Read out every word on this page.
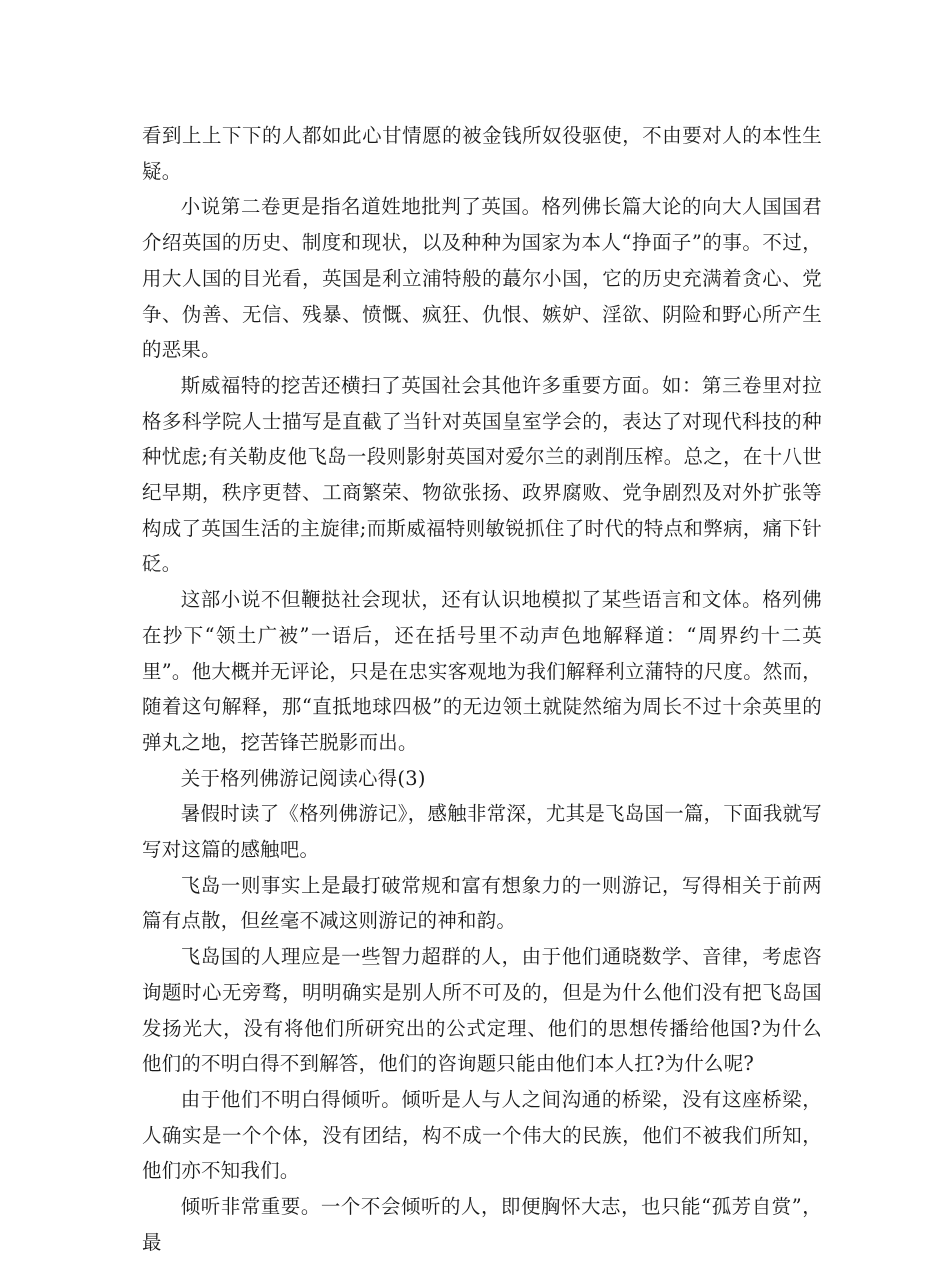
看到上上下下的人都如此心甘情愿的被金钱所奴役驱使，不由要对人的本性生疑。

小说第二卷更是指名道姓地批判了英国。格列佛长篇大论的向大人国国君介绍英国的历史、制度和现状，以及种种为国家为本人“挣面子”的事。不过，用大人国的目光看，英国是利立浦特般的蕞尔小国，它的历史充满着贪心、党争、伪善、无信、残暴、愤慨、疯狂、仇恨、嫉妒、淫欲、阴险和野心所产生的恶果。

斯威福特的挖苦还横扫了英国社会其他许多重要方面。如：第三卷里对拉格多科学院人士描写是直截了当针对英国皇室学会的，表达了对现代科技的种种忧虑;有关勒皮他飞岛一段则影射英国对爱尔兰的剥削压榨。总之，在十八世纪早期，秩序更替、工商繁荣、物欲张扬、政界腐败、党争剧烈及对外扩张等构成了英国生活的主旋律;而斯威福特则敏锐抓住了时代的特点和弊病，痛下针砭。

这部小说不但鞭挞社会现状，还有认识地模拟了某些语言和文体。格列佛在抄下“领土广被”一语后，还在括号里不动声色地解释道：“周界约十二英里”。他大概并无评论，只是在忠实客观地为我们解释利立蒲特的尺度。然而，随着这句解释，那“直抵地球四极”的无边领土就陡然缩为周长不过十余英里的弹丸之地，挖苦锋芒脱影而出。

关于格列佛游记阅读心得(3)

暑假时读了《格列佛游记》，感触非常深，尤其是飞岛国一篇，下面我就写写对这篇的感触吧。

飞岛一则事实上是最打破常规和富有想象力的一则游记，写得相关于前两篇有点散，但丝毫不减这则游记的神和韵。

飞岛国的人理应是一些智力超群的人，由于他们通晓数学、音律，考虑咨询题时心无旁骛，明明确实是别人所不可及的，但是为什么他们没有把飞岛国发扬光大，没有将他们所研究出的公式定理、他们的思想传播给他国?为什么他们的不明白得不到解答，他们的咨询题只能由他们本人扛?为什么呢?

由于他们不明白得倾听。倾听是人与人之间沟通的桥梁，没有这座桥梁，人确实是一个个体，没有团结，构不成一个伟大的民族，他们不被我们所知，他们亦不知我们。

倾听非常重要。一个不会倾听的人，即便胸怀大志，也只能“孤芳自赏”，最
